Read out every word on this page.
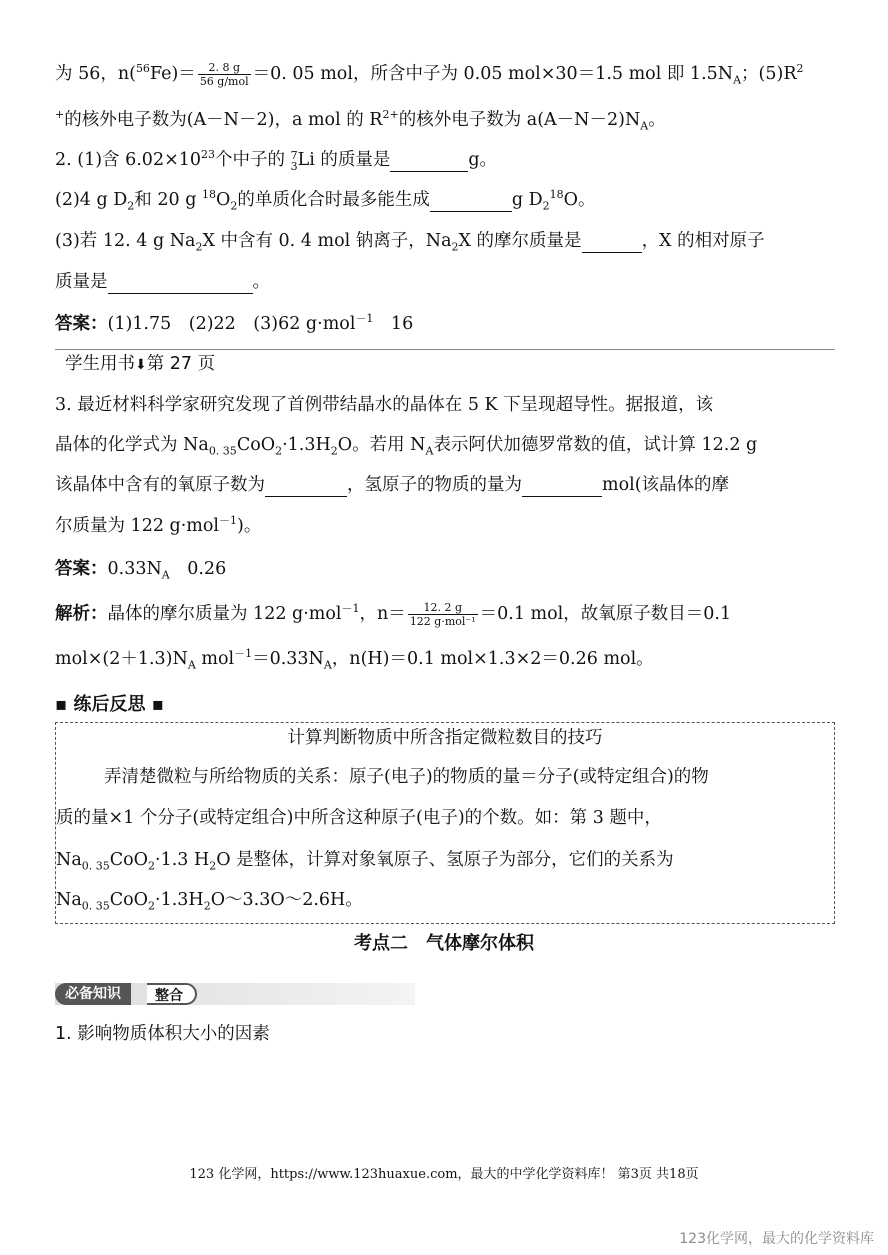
为 56，$n(^{56}Fe)= \frac{2. 8 g}{\text{56 g/mol}} =0$. 05 mol，所含中子为 0.05 mol×30＝1.5 mol 即 $1.5N_A$；$(5)R^2$
+的核外电子数为(A－N－2)，a mol 的 $R^{2+}$的核外电子数为 $a(A-N-2)N_A$。
2. (1)含 $6.02\times 10^{23}$个中子的 7
3 Li 的质量是	g。
(2)4 g $D_2$和 20 g $^{18}O_2$的单质化合时最多能生成	g $D_2^{18}O$。
(3)若 12. 4 g $Na_2X$ 中含有 0. 4 mol 钠离子，$Na_2X$ 的摩尔质量是	，X 的相对原子
质量是	。
答案：(1)1.75　(2)22　(3)62 g·mol$^{-1}$　16
学生用书⬇第 27 页
3. 最近材料科学家研究发现了首例带结晶水的晶体在 5 K 下呈现超导性。据报道，该
晶体的化学式为 $Na_{0. 35}CoO_2\cdot 1.3H_2O$。若用 $N_A$表示阿伏加德罗常数的值，试计算 12.2 g
该晶体中含有的氧原子数为	，氢原子的物质的量为	mol(该晶体的摩
尔质量为 122 g·mol$^{-1}$)。
答案：$0.33N_A$　0.26
解析：晶体的摩尔质量为 122 g·mol$^{-1}$，$n= \frac{12. 2 g}{\text{122 g·mol⁻¹}} =0.1$ mol，故氧原子数目＝0.1
$mol\times(2+1.3)N_A$ $mol^{-1}=0.33N_A$，n(H)＝0.1 mol×1.3×2＝0.26 mol。
▪ 练后反思 ▪
计算判断物质中所含指定微粒数目的技巧
弄清楚微粒与所给物质的关系：原子(电子)的物质的量＝分子(或特定组合)的物
质的量×1 个分子(或特定组合)中所含这种原子(电子)的个数。如：第 3 题中，
$Na_{0. 35}CoO_2\cdot 1.3$ $H_2O$ 是整体，计算对象氧原子、氢原子为部分，它们的关系为
$Na_{0. 35}CoO_2\cdot 1.3H_2O\sim 3.3O\sim 2.6H$。
考点二　气体摩尔体积
必备知识	整合
1. 影响物质体积大小的因素
123 化学网，https://www.123huaxue.com，最大的中学化学资料库！ 第3页 共18页
123化学网，最大的化学资料库
